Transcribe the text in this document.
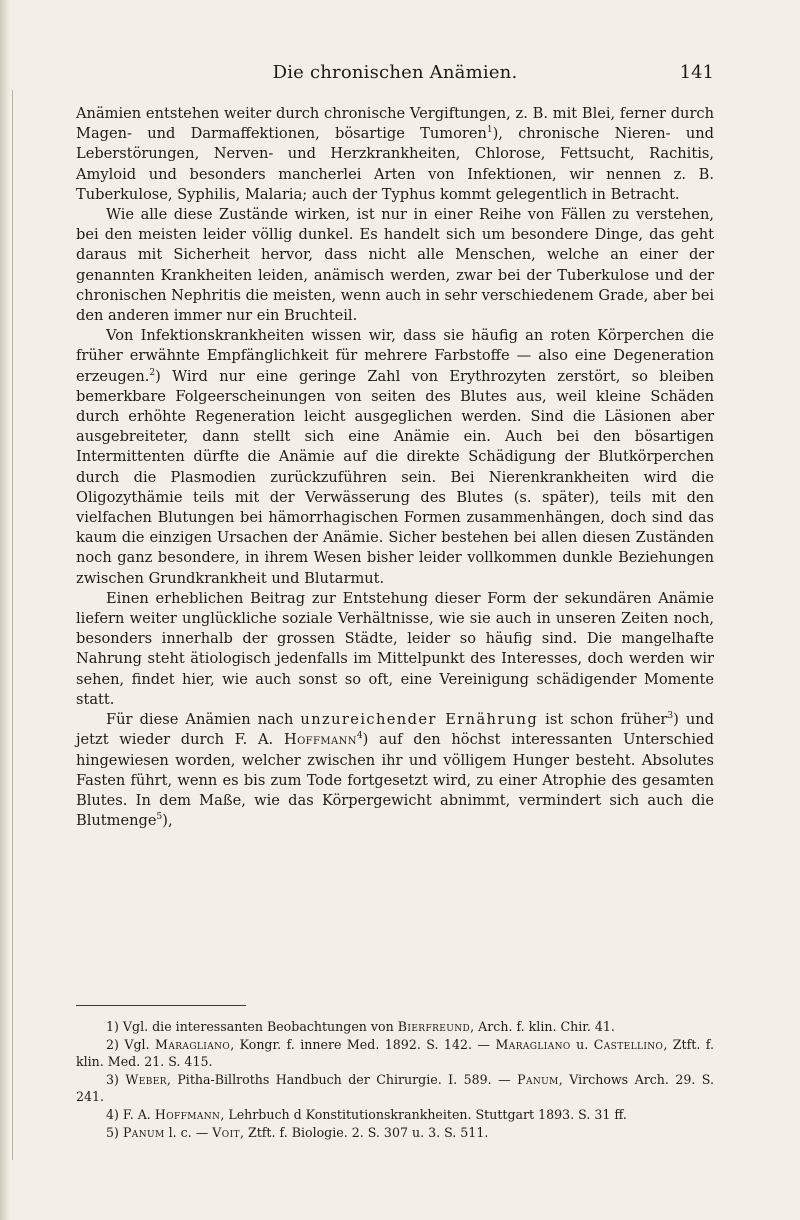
Die chronischen Anämien.	141

Anämien entstehen weiter durch chronische Vergiftungen, z. B. mit Blei, ferner durch Magen- und Darmaffektionen, bösartige Tumoren$^1$), chronische Nieren- und Leberstörungen, Nerven- und Herzkrankheiten, Chlorose, Fettsucht, Rachitis, Amyloid und besonders mancherlei Arten von Infektionen, wir nennen z. B. Tuberkulose, Syphilis, Malaria; auch der Typhus kommt gelegentlich in Betracht.

Wie alle diese Zustände wirken, ist nur in einer Reihe von Fällen zu verstehen, bei den meisten leider völlig dunkel. Es handelt sich um besondere Dinge, das geht daraus mit Sicherheit hervor, dass nicht alle Menschen, welche an einer der genannten Krankheiten leiden, anämisch werden, zwar bei der Tuberkulose und der chronischen Nephritis die meisten, wenn auch in sehr verschiedenem Grade, aber bei den anderen immer nur ein Bruchteil.

Von Infektionskrankheiten wissen wir, dass sie häufig an roten Körperchen die früher erwähnte Empfänglichkeit für mehrere Farbstoffe — also eine Degeneration erzeugen.$^2$) Wird nur eine geringe Zahl von Erythrozyten zerstört, so bleiben bemerkbare Folgeerscheinungen von seiten des Blutes aus, weil kleine Schäden durch erhöhte Regeneration leicht ausgeglichen werden. Sind die Läsionen aber ausgebreiteter, dann stellt sich eine Anämie ein. Auch bei den bösartigen Intermittenten dürfte die Anämie auf die direkte Schädigung der Blutkörperchen durch die Plasmodien zurückzuführen sein. Bei Nierenkrankheiten wird die Oligozythämie teils mit der Verwässerung des Blutes (s. später), teils mit den vielfachen Blutungen bei hämorrhagischen Formen zusammenhängen, doch sind das kaum die einzigen Ursachen der Anämie. Sicher bestehen bei allen diesen Zuständen noch ganz besondere, in ihrem Wesen bisher leider vollkommen dunkle Beziehungen zwischen Grundkrankheit und Blutarmut.

Einen erheblichen Beitrag zur Entstehung dieser Form der sekundären Anämie liefern weiter unglückliche soziale Verhältnisse, wie sie auch in unseren Zeiten noch, besonders innerhalb der grossen Städte, leider so häufig sind. Die mangelhafte Nahrung steht ätiologisch jedenfalls im Mittelpunkt des Interesses, doch werden wir sehen, findet hier, wie auch sonst so oft, eine Vereinigung schädigender Momente statt.

Für diese Anämien nach unzureichender Ernährung ist schon früher$^3$) und jetzt wieder durch F. A. Hoffmann$^4$) auf den höchst interessanten Unterschied hingewiesen worden, welcher zwischen ihr und völligem Hunger besteht. Absolutes Fasten führt, wenn es bis zum Tode fortgesetzt wird, zu einer Atrophie des gesamten Blutes. In dem Maße, wie das Körpergewicht abnimmt, vermindert sich auch die Blutmenge$^5$),

1) Vgl. die interessanten Beobachtungen von Bierfreund, Arch. f. klin. Chir. 41.

2) Vgl. Maragliano, Kongr. f. innere Med. 1892. S. 142. — Maragliano u. Castellino, Ztft. f. klin. Med. 21. S. 415.

3) Weber, Pitha-Billroths Handbuch der Chirurgie. I. 589. — Panum, Virchows Arch. 29. S. 241.

4) F. A. Hoffmann, Lehrbuch d Konstitutionskrankheiten. Stuttgart 1893. S. 31 ff.

5) Panum l. c. — Voit, Ztft. f. Biologie. 2. S. 307 u. 3. S. 511.
